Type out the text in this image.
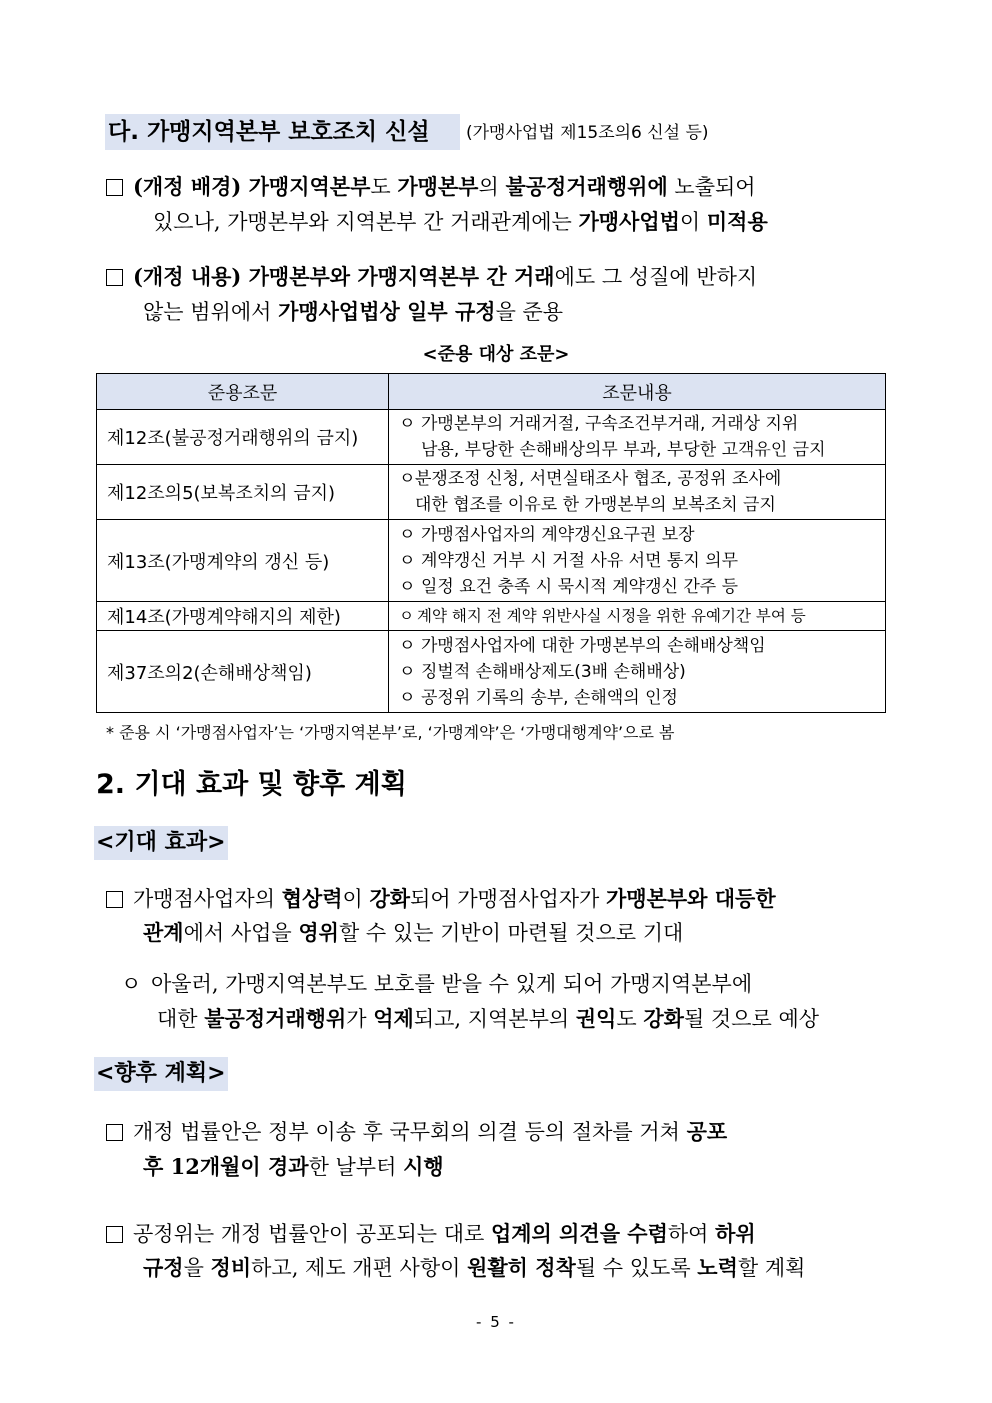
다. 가맹지역본부 보호조치 신설 (가맹사업법 제15조의6 신설 등)
(개정 배경) 가맹지역본부도 가맹본부의 불공정거래행위에 노출되어
있으나, 가맹본부와 지역본부 간 거래관계에는 가맹사업법이 미적용
(개정 내용) 가맹본부와 가맹지역본부 간 거래에도 그 성질에 반하지
않는 범위에서 가맹사업법상 일부 규정을 준용
<준용 대상 조문>
준용조문	조문내용
제12조(불공정거래행위의 금지)	ㅇ 가맹본부의 거래거절, 구속조건부거래, 거래상 지위
남용, 부당한 손해배상의무 부과, 부당한 고객유인 금지

제12조의5(보복조치의 금지)	ㅇ분쟁조정 신청, 서면실태조사 협조, 공정위 조사에
대한 협조를 이유로 한 가맹본부의 보복조치 금지

제13조(가맹계약의 갱신 등)	ㅇ 가맹점사업자의 계약갱신요구권 보장
ㅇ 계약갱신 거부 시 거절 사유 서면 통지 의무
ㅇ 일정 요건 충족 시 묵시적 계약갱신 간주 등

제14조(가맹계약해지의 제한)	ㅇ 계약 해지 전 계약 위반사실 시정을 위한 유예기간 부여 등

제37조의2(손해배상책임)	ㅇ 가맹점사업자에 대한 가맹본부의 손해배상책임
ㅇ 징벌적 손해배상제도(3배 손해배상)
ㅇ 공정위 기록의 송부, 손해액의 인정
* 준용 시 ‘가맹점사업자’는 ‘가맹지역본부’로, ‘가맹계약’은 ‘가맹대행계약’으로 봄
2. 기대 효과 및 향후 계획
<기대 효과>
가맹점사업자의 협상력이 강화되어 가맹점사업자가 가맹본부와 대등한
관계에서 사업을 영위할 수 있는 기반이 마련될 것으로 기대
ㅇ 아울러, 가맹지역본부도 보호를 받을 수 있게 되어 가맹지역본부에
대한 불공정거래행위가 억제되고, 지역본부의 권익도 강화될 것으로 예상
<향후 계획>
개정 법률안은 정부 이송 후 국무회의 의결 등의 절차를 거쳐 공포
후 12개월이 경과한 날부터 시행
공정위는 개정 법률안이 공포되는 대로 업계의 의견을 수렴하여 하위
규정을 정비하고, 제도 개편 사항이 원활히 정착될 수 있도록 노력할 계획
- 5 -
